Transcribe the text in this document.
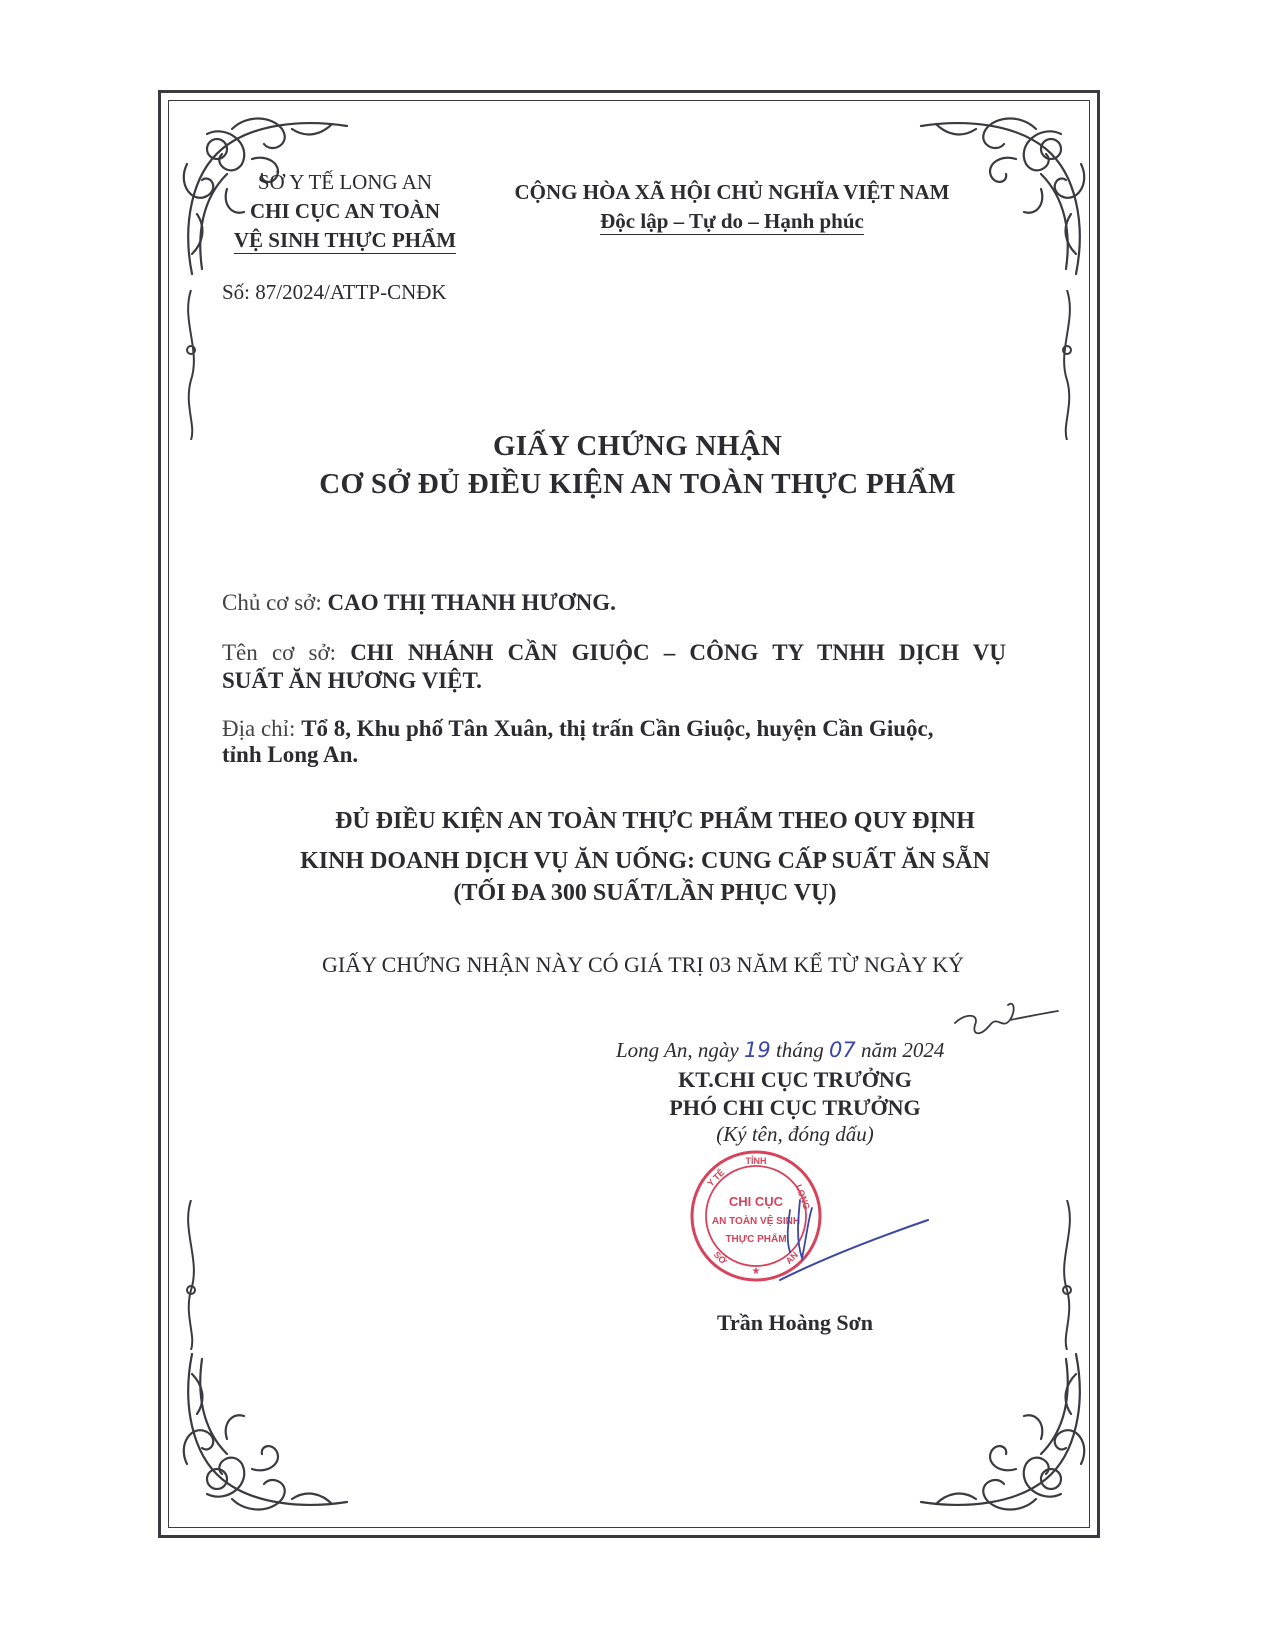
SỞ Y TẾ LONG AN
CHI CỤC AN TOÀN
VỆ SINH THỰC PHẨM
Số: 87/2024/ATTP-CNĐK
CỘNG HÒA XÃ HỘI CHỦ NGHĨA VIỆT NAM
Độc lập – Tự do – Hạnh phúc
GIẤY CHỨNG NHẬN
CƠ SỞ ĐỦ ĐIỀU KIỆN AN TOÀN THỰC PHẨM
Chủ cơ sở: CAO THỊ THANH HƯƠNG.
Tên cơ sở: CHI NHÁNH CẦN GIUỘC – CÔNG TY TNHH DỊCH VỤ
SUẤT ĂN HƯƠNG VIỆT.
Địa chỉ: Tổ 8, Khu phố Tân Xuân, thị trấn Cần Giuộc, huyện Cần Giuộc,
tỉnh Long An.
ĐỦ ĐIỀU KIỆN AN TOÀN THỰC PHẨM THEO QUY ĐỊNH
KINH DOANH DỊCH VỤ ĂN UỐNG: CUNG CẤP SUẤT ĂN SẴN
(TỐI ĐA 300 SUẤT/LẦN PHỤC VỤ)
GIẤY CHỨNG NHẬN NÀY CÓ GIÁ TRỊ 03 NĂM KỂ TỪ NGÀY KÝ
Long An, ngày 19 tháng 07 năm 2024
KT.CHI CỤC TRƯỞNG
PHÓ CHI CỤC TRƯỞNG
(Ký tên, đóng dấu)
TỈNH
Y TẾ
LONG
SỞ	AN
CHI CỤC
AN TOÀN VỆ SINH
THỰC PHẨM
★
Trần Hoàng Sơn
